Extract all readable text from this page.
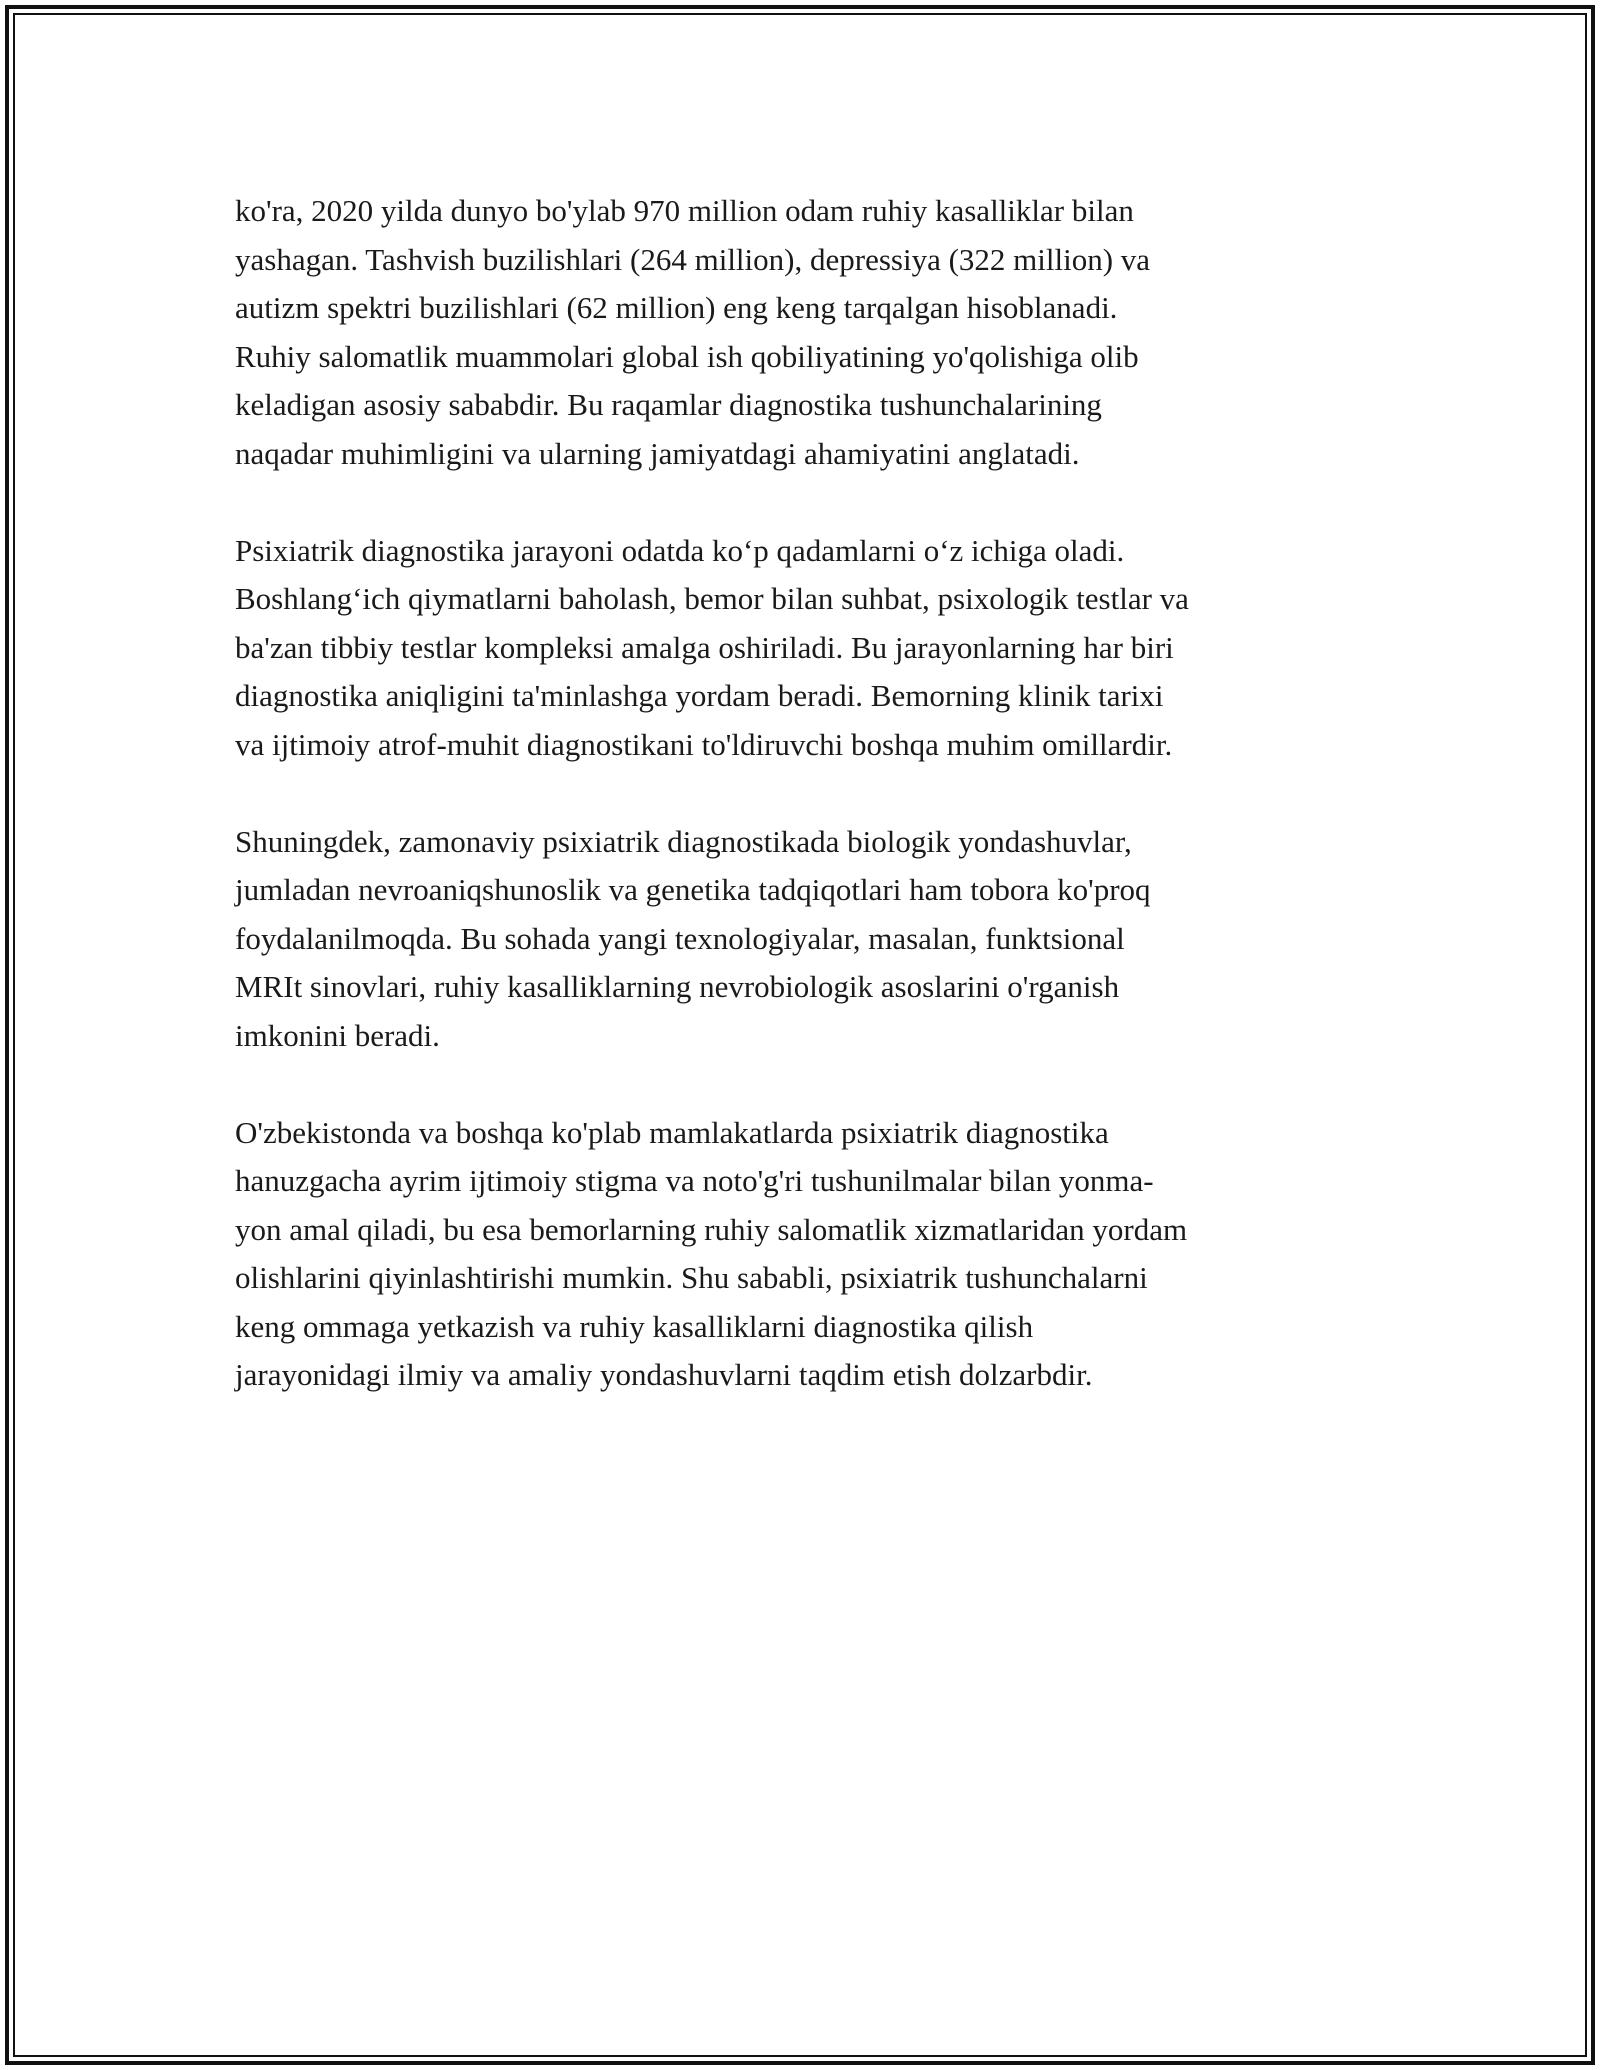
ko'ra, 2020 yilda dunyo bo'ylab 970 million odam ruhiy kasalliklar bilan
yashagan. Tashvish buzilishlari (264 million), depressiya (322 million) va
autizm spektri buzilishlari (62 million) eng keng tarqalgan hisoblanadi.
Ruhiy salomatlik muammolari global ish qobiliyatining yo'qolishiga olib
keladigan asosiy sababdir. Bu raqamlar diagnostika tushunchalarining
naqadar muhimligini va ularning jamiyatdagi ahamiyatini anglatadi.

Psixiatrik diagnostika jarayoni odatda ko‘p qadamlarni o‘z ichiga oladi.
Boshlang‘ich qiymatlarni baholash, bemor bilan suhbat, psixologik testlar va
ba'zan tibbiy testlar kompleksi amalga oshiriladi. Bu jarayonlarning har biri
diagnostika aniqligini ta'minlashga yordam beradi. Bemorning klinik tarixi
va ijtimoiy atrof-muhit diagnostikani to'ldiruvchi boshqa muhim omillardir.

Shuningdek, zamonaviy psixiatrik diagnostikada biologik yondashuvlar,
jumladan nevroaniqshunoslik va genetika tadqiqotlari ham tobora ko'proq
foydalanilmoqda. Bu sohada yangi texnologiyalar, masalan, funktsional
MRIt sinovlari, ruhiy kasalliklarning nevrobiologik asoslarini o'rganish
imkonini beradi.

O'zbekistonda va boshqa ko'plab mamlakatlarda psixiatrik diagnostika
hanuzgacha ayrim ijtimoiy stigma va noto'g'ri tushunilmalar bilan yonma-
yon amal qiladi, bu esa bemorlarning ruhiy salomatlik xizmatlaridan yordam
olishlarini qiyinlashtirishi mumkin. Shu sababli, psixiatrik tushunchalarni
keng ommaga yetkazish va ruhiy kasalliklarni diagnostika qilish
jarayonidagi ilmiy va amaliy yondashuvlarni taqdim etish dolzarbdir.
